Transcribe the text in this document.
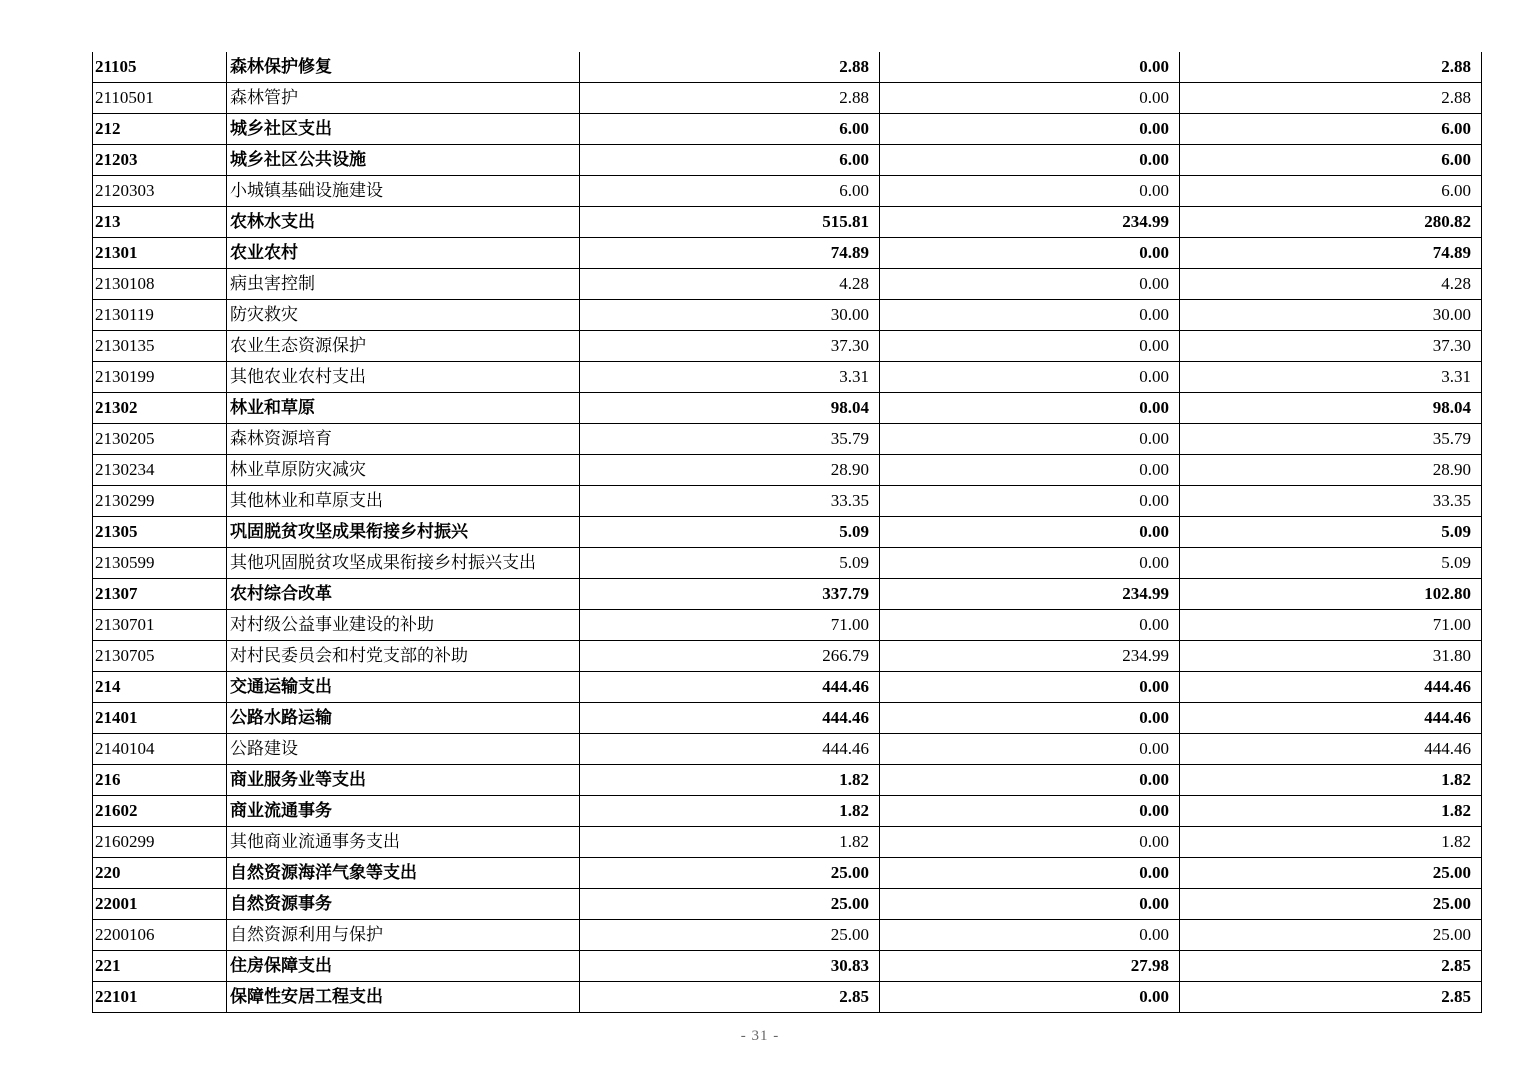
21105	森林保护修复	2.88	0.00	2.88
2110501	森林管护	2.88	0.00	2.88
212	城乡社区支出	6.00	0.00	6.00
21203	城乡社区公共设施	6.00	0.00	6.00
2120303	小城镇基础设施建设	6.00	0.00	6.00
213	农林水支出	515.81	234.99	280.82
21301	农业农村	74.89	0.00	74.89
2130108	病虫害控制	4.28	0.00	4.28
2130119	防灾救灾	30.00	0.00	30.00
2130135	农业生态资源保护	37.30	0.00	37.30
2130199	其他农业农村支出	3.31	0.00	3.31
21302	林业和草原	98.04	0.00	98.04
2130205	森林资源培育	35.79	0.00	35.79
2130234	林业草原防灾减灾	28.90	0.00	28.90
2130299	其他林业和草原支出	33.35	0.00	33.35
21305	巩固脱贫攻坚成果衔接乡村振兴	5.09	0.00	5.09
2130599	其他巩固脱贫攻坚成果衔接乡村振兴支出	5.09	0.00	5.09
21307	农村综合改革	337.79	234.99	102.80
2130701	对村级公益事业建设的补助	71.00	0.00	71.00
2130705	对村民委员会和村党支部的补助	266.79	234.99	31.80
214	交通运输支出	444.46	0.00	444.46
21401	公路水路运输	444.46	0.00	444.46
2140104	公路建设	444.46	0.00	444.46
216	商业服务业等支出	1.82	0.00	1.82
21602	商业流通事务	1.82	0.00	1.82
2160299	其他商业流通事务支出	1.82	0.00	1.82
220	自然资源海洋气象等支出	25.00	0.00	25.00
22001	自然资源事务	25.00	0.00	25.00
2200106	自然资源利用与保护	25.00	0.00	25.00
221	住房保障支出	30.83	27.98	2.85
22101	保障性安居工程支出	2.85	0.00	2.85
- 31 -
